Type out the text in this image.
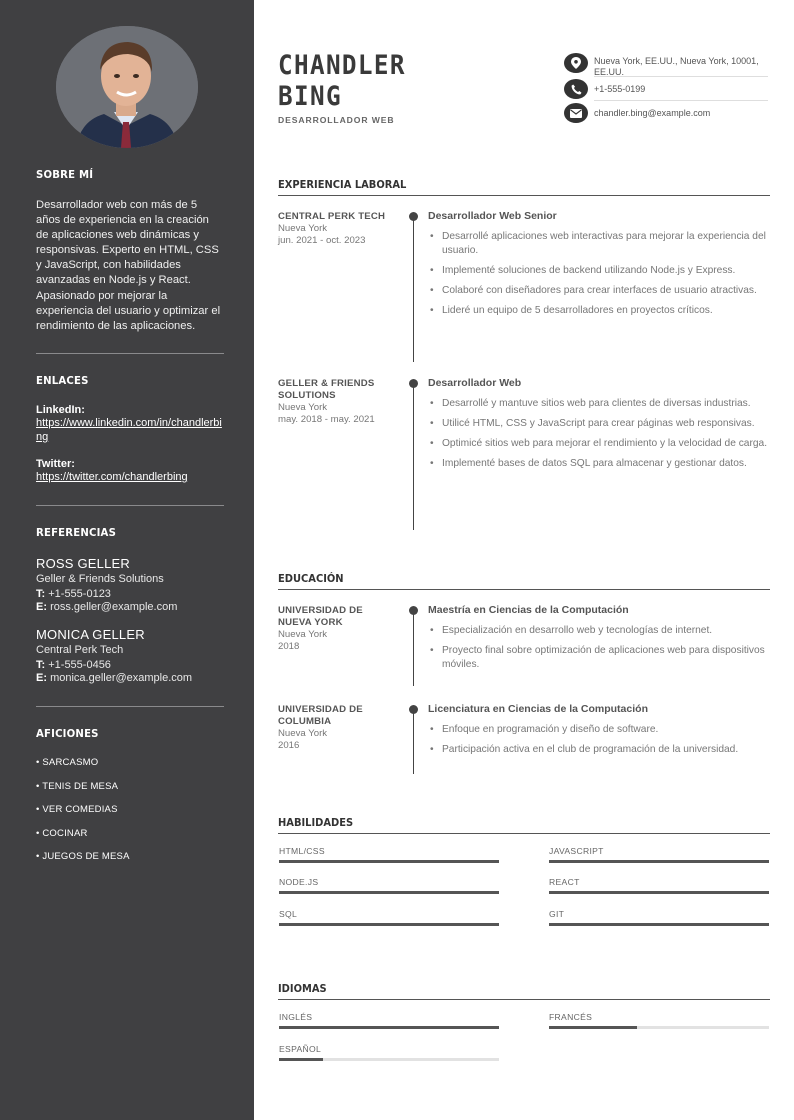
SOBRE MÍ
Desarrollador web con más de 5 años de experiencia en la creación de aplicaciones web dinámicas y responsivas. Experto en HTML, CSS y JavaScript, con habilidades avanzadas en Node.js y React. Apasionado por mejorar la experiencia del usuario y optimizar el rendimiento de las aplicaciones.
ENLACES
LinkedIn:
https://www.linkedin.com/in/chandlerbing
Twitter:
https://twitter.com/chandlerbing
REFERENCIAS
ROSS GELLER
Geller & Friends Solutions
T: +1-555-0123
E: ross.geller@example.com
MONICA GELLER
Central Perk Tech
T: +1-555-0456
E: monica.geller@example.com
AFICIONES
• SARCASMO
• TENIS DE MESA
• VER COMEDIAS
• COCINAR
• JUEGOS DE MESA
CHANDLER
BING
DESARROLLADOR WEB
Nueva York, EE.UU., Nueva York, 10001, EE.UU.
+1-555-0199
chandler.bing@example.com
EXPERIENCIA LABORAL
CENTRAL PERK TECH
Nueva York
jun. 2021 - oct. 2023
Desarrollador Web Senior
• Desarrollé aplicaciones web interactivas para mejorar la experiencia del usuario.
• Implementé soluciones de backend utilizando Node.js y Express.
• Colaboré con diseñadores para crear interfaces de usuario atractivas.
• Lideré un equipo de 5 desarrolladores en proyectos críticos.
GELLER & FRIENDS SOLUTIONS
Nueva York
may. 2018 - may. 2021
Desarrollador Web
• Desarrollé y mantuve sitios web para clientes de diversas industrias.
• Utilicé HTML, CSS y JavaScript para crear páginas web responsivas.
• Optimicé sitios web para mejorar el rendimiento y la velocidad de carga.
• Implementé bases de datos SQL para almacenar y gestionar datos.
EDUCACIÓN
UNIVERSIDAD DE NUEVA YORK
Nueva York
2018
Maestría en Ciencias de la Computación
• Especialización en desarrollo web y tecnologías de internet.
• Proyecto final sobre optimización de aplicaciones web para dispositivos móviles.
UNIVERSIDAD DE COLUMBIA
Nueva York
2016
Licenciatura en Ciencias de la Computación
• Enfoque en programación y diseño de software.
• Participación activa en el club de programación de la universidad.
HABILIDADES
HTML/CSS	JAVASCRIPT
NODE.JS	REACT
SQL	GIT
IDIOMAS
INGLÉS	FRANCÉS
ESPAÑOL
